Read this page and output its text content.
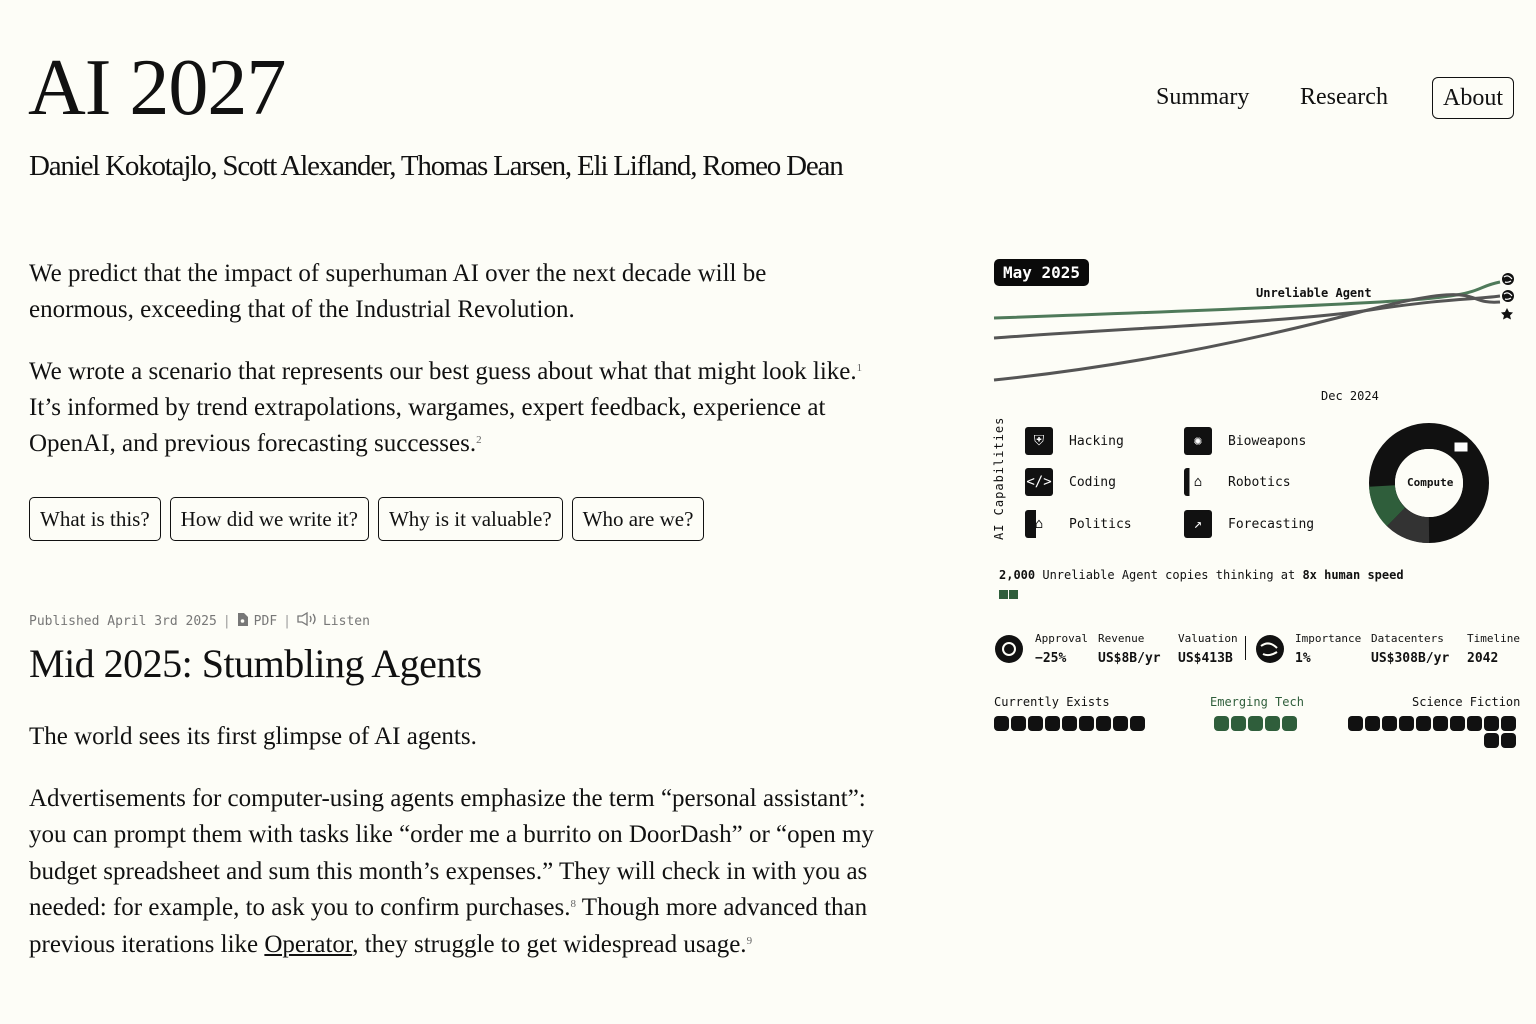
AI 2027
Daniel Kokotajlo, Scott Alexander, Thomas Larsen, Eli Lifland, Romeo Dean
Summary Research	About

We predict that the impact of superhuman AI over the next decade will be enormous, exceeding that of the Industrial Revolution.

We wrote a scenario that represents our best guess about what that might look like.$^1$ It’s informed by trend extrapolations, wargames, expert feedback, experience at OpenAI, and previous forecasting successes.$^2$

What is this?	How did we write it?	Why is it valuable?	Who are we?
Published April 3rd 2025 | PDF | Listen
Mid 2025: Stumbling Agents

The world sees its first glimpse of AI agents.

Advertisements for computer-using agents emphasize the term “personal assistant”: you can prompt them with tasks like “order me a burrito on DoorDash” or “open my budget spreadsheet and sum this month’s expenses.” They will check in with you as needed: for example, to ask you to confirm purchases.$^8$ Though more advanced than previous iterations like Operator, they struggle to get widespread usage.$^9$

May 2025
Unreliable Agent
Dec 2024
AI Capabilities	⛨	Hacking	✺	Bioweapons
</> Coding	⌂	Robotics
⌂	Politics	↗	Forecasting
Compute
2,000 Unreliable Agent copies thinking at 8x human speed
Approval
−25%
Revenue
US$8B/yr
Valuation
US$413B
Importance
1%
Datacenters
US$308B/yr
Timeline
2042
Currently Exists	Emerging Tech	Science Fiction
